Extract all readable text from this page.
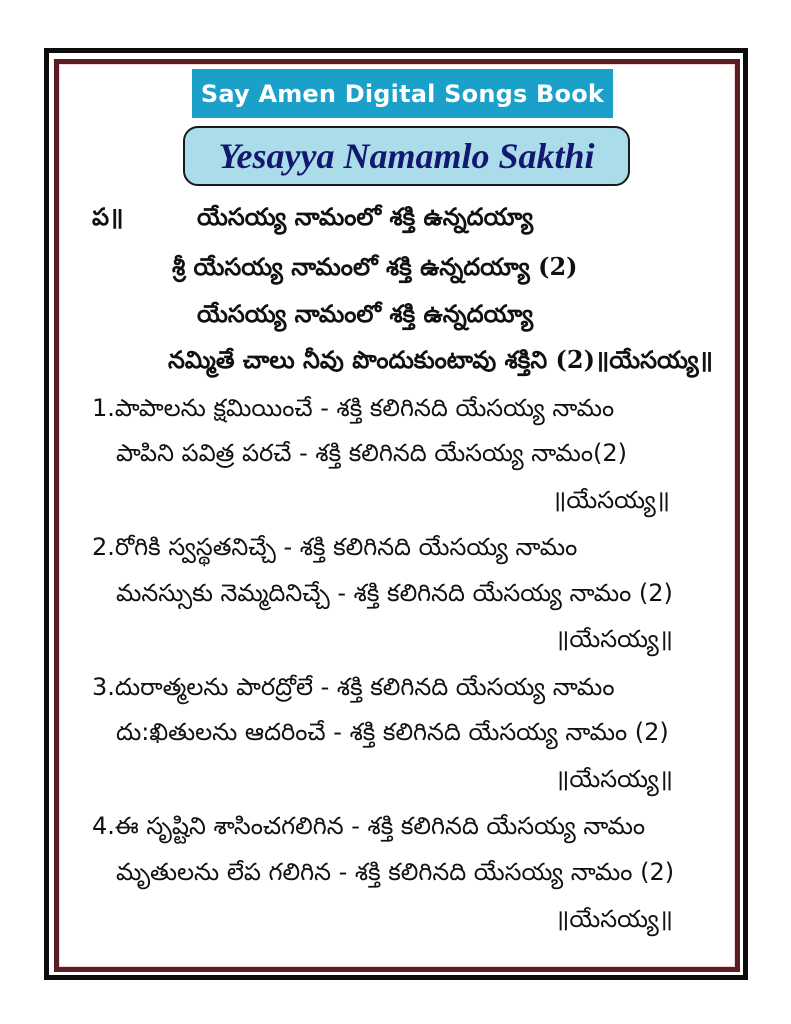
Say Amen Digital Songs Book
Yesayya Namamlo Sakthi
ప॥	యేసయ్య నామంలో శక్తి ఉన్నదయ్యా
శ్రీ యేసయ్య నామంలో శక్తి ఉన్నదయ్యా (2)
యేసయ్య నామంలో శక్తి ఉన్నదయ్యా
నమ్మితే చాలు నీవు పొందుకుంటావు శక్తిని (2)॥యేసయ్య॥
1.పాపాలను క్షమియించే - శక్తి కలిగినది యేసయ్య నామం
పాపిని పవిత్ర పరచే - శక్తి కలిగినది యేసయ్య నామం(2)
॥యేసయ్య॥
2.రోగికి స్వస్థతనిచ్చే - శక్తి కలిగినది యేసయ్య నామం
మనస్సుకు నెమ్మదినిచ్చే - శక్తి కలిగినది యేసయ్య నామం (2)
॥యేసయ్య॥
3.దురాత్మలను పారద్రోలే - శక్తి కలిగినది యేసయ్య నామం
దు:ఖితులను ఆదరించే - శక్తి కలిగినది యేసయ్య నామం (2)
॥యేసయ్య॥
4.ఈ సృష్టిని శాసించగలిగిన - శక్తి కలిగినది యేసయ్య నామం
మృతులను లేప గలిగిన - శక్తి కలిగినది యేసయ్య నామం (2)
॥యేసయ్య॥
